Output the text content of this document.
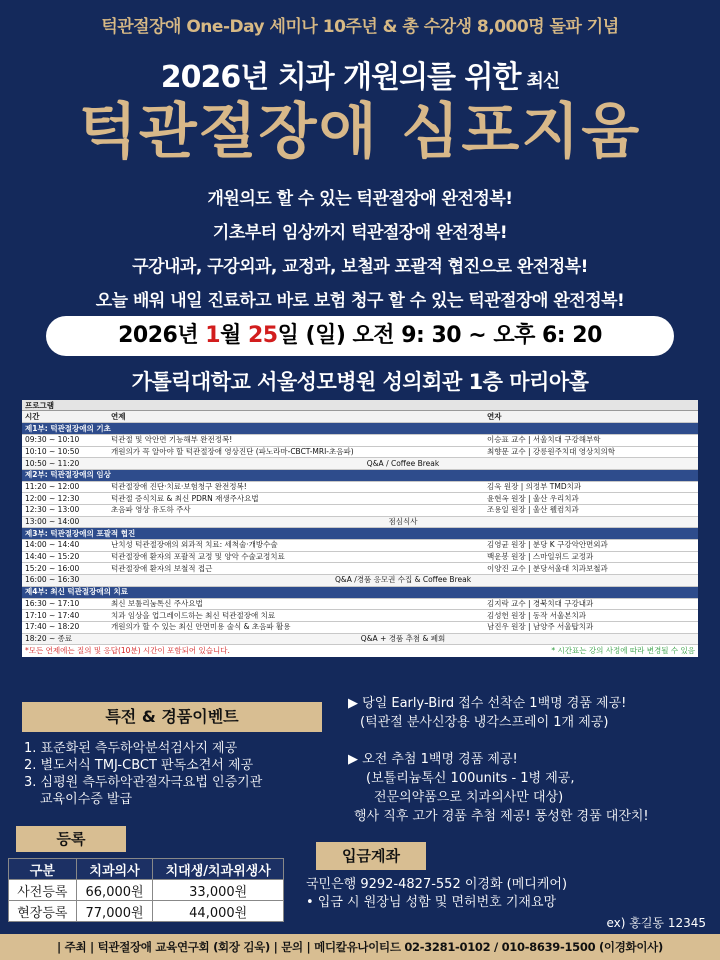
턱관절장애 One-Day 세미나 10주년 & 총 수강생 8,000명 돌파 기념
2026년 치과 개원의를 위한 최신
턱관절장애 심포지움
개원의도 할 수 있는 턱관절장애 완전정복!
기초부터 임상까지 턱관절장애 완전정복!
구강내과, 구강외과, 교정과, 보철과 포괄적 협진으로 완전정복!
오늘 배워 내일 진료하고 바로 보험 청구 할 수 있는 턱관절장애 완전정복!
2026년 1월 25일 (일) 오전 9: 30 ~ 오후 6: 20
가톨릭대학교 서울성모병원 성의회관 1층 마리아홀
프로그램
시간	연제	연자
제1부: 턱관절장애의 기초		
09:30 ~ 10:10	턱관절 및 악안면 기능해부 완전정복!	이승표 교수 | 서울치대 구강해부학
10:10 ~ 10:50	개원의가 꼭 알아야 할 턱관절장애 영상진단 (파노라마-CBCT-MRI-초음파)	최향문 교수 | 강릉원주치대 영상치의학
10:50 ~ 11:20	Q&A / Coffee Break	
제2부: 턱관절장애의 임상		
11:20 ~ 12:00	턱관절장애 진단·치료·보험청구 완전정복!	김욱 원장 | 의정부 TMD치과
12:00 ~ 12:30	턱관절 증식치료 & 최신 PDRN 재생주사요법	윤현옥 원장 | 울산 우리치과
12:30 ~ 13:00	초음파 영상 유도하 주사	조용일 원장 | 울산 웰컴치과
13:00 ~ 14:00	점심식사	
제3부: 턱관절장애의 포괄적 협진		
14:00 ~ 14:40	난치성 턱관절장애의 외과적 치료: 세척술·개방수술	김영균 원장 | 분당 K 구강악안면외과
14:40 ~ 15:20	턱관절장애 환자의 포괄적 교정 및 양악 수술교정치료	백운봉 원장 | 스마일위드 교정과
15:20 ~ 16:00	턱관절장애 환자의 보철적 접근	이양진 교수 | 분당서울대 치과보철과
16:00 ~ 16:30	Q&A /경품 응모권 수집 & Coffee Break	
제4부: 최신 턱관절장애의 치료		
16:30 ~ 17:10	최신 보툴리눔톡신 주사요법	김지락 교수 | 경북치대 구강내과
17:10 ~ 17:40	치과 임상을 업그레이드하는 최신 턱관절장애 치료	김성헌 원장 | 동작 서울본치과
17:40 ~ 18:20	개원의가 할 수 있는 최신 안면미용 술식 & 초음파 활용	남진우 원장 | 남양주 서울탑치과
18:20 ~ 종료	Q&A + 경품 추첨 & 폐회	
*모든 연제에는 질의 및 응답(10분) 시간이 포함되어 있습니다.	* 시간표는 강의 사정에 따라 변경될 수 있음
특전 & 경품이벤트
1. 표준화된 측두하악분석검사지 제공
2. 별도서식 TMJ-CBCT 판독소견서 제공
3. 심평원 측두하악관절자극요법 인증기관
교육이수증 발급
▶ 당일 Early-Bird 접수 선착순 1백명 경품 제공!
(턱관절 분사신장용 냉각스프레이 1개 제공)
▶ 오전 추첨 1백명 경품 제공!
(보톨리늄톡신 100units - 1병 제공,
전문의약품으로 치과의사만 대상)
행사 직후 고가 경품 추첨 제공! 풍성한 경품 대잔치!
등록
구분	치과의사	치대생/치과위생사
사전등록	66,000원	33,000원
현장등록	77,000원	44,000원
입금계좌
국민은행 9292-4827-552 이경화 (메디케어)
• 입금 시 원장님 성함 및 면허번호 기재요망
ex) 홍길동 12345
| 주최 | 턱관절장애 교육연구회 (회장 김욱) | 문의 | 메디칼유나이티드 02-3281-0102 / 010-8639-1500 (이경화이사)
